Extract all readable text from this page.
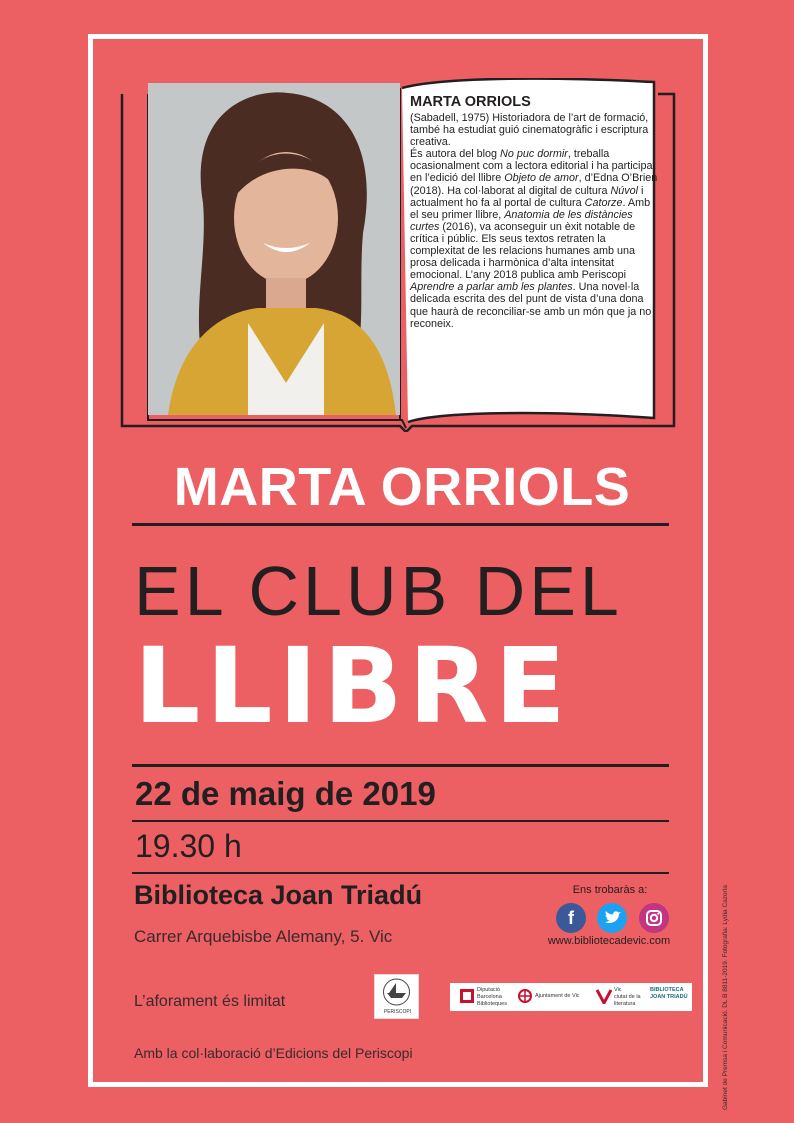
MARTA ORRIOLS
(Sabadell, 1975) Historiadora de l’art de formació, també ha estudiat guió cinematogràfic i escriptura creativa.
És autora del blog No puc dormir, treballa ocasionalment com a lectora editorial i ha participat en l’edició del llibre Objeto de amor, d’Edna O’Brien (2018). Ha col·laborat al digital de cultura Núvol i actualment ho fa al portal de cultura Catorze. Amb el seu primer llibre, Anatomia de les distàncies curtes (2016), va aconseguir un èxit notable de crítica i públic. Els seus textos retraten la complexitat de les relacions humanes amb una prosa delicada i harmònica d’alta intensitat emocional. L’any 2018 publica amb Periscopi Aprendre a parlar amb les plantes. Una novel·la delicada escrita des del punt de vista d’una dona que haurà de reconciliar-se amb un món que ja no reconeix.
MARTA ORRIOLS
EL CLUB DEL
LLIBRE
22 de maig de 2019
19.30 h
Biblioteca Joan Triadú
Carrer Arquebisbe Alemany, 5. Vic
Ens trobaràs a:
f
www.bibliotecadevic.com
L’aforament és limitat
PERISCOPI
Diputació Barcelona
Biblioteques
Ajuntament de Vic
Vic
ciutat de la literatura
BIBLIOTECA JOAN TRIADÚ
Amb la col·laboració d’Edicions del Periscopi	Gabinet de Premsa i Comunicació. DL B 8811-2019. Fotografia: Lydia Cazorla
